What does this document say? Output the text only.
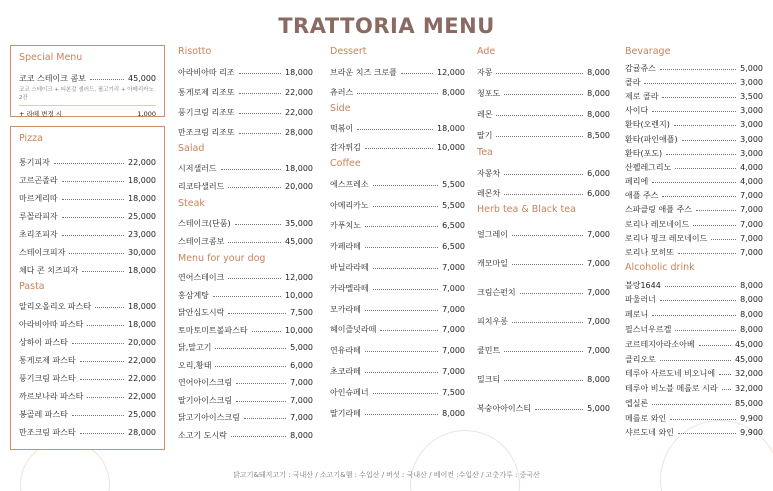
TRATTORIA MENU
Special Menu
코코 스테이크 콤보	45,000
코코 스테이크 + 티본갈 샐러드, 필고기리 + 아메리카노 2잔
+ 라떼 변경 시	1,000
Pizza
통기피자	22,000
고르곤졸라	18,000
마르게리따	18,000
루꼴라피자	25,000
초리조피자	23,000
스테이크피자	30,000
체다 콘 치즈피자	18,000
Pasta
알리오올리오 파스타	18,000
아라비아따 파스타	18,000
상하이 파스타	20,000
통게로제 파스타	22,000
풍기크림 파스타	22,000
까르보나라 파스타	22,000
봉골레 파스타	25,000
만조크림 파스타	28,000
Risotto
아라비아따 리조	18,000
통게로제 리조또	22,000
풍기크림 리조또	22,000
만조크림 리조또	28,000
Salad
시저샐러드	18,000
리코타샐러드	20,000
Steak
스테이크(단품)	35,000
스테이크콤보	45,000
Menu for your dog
연어스테이크	12,000
홍삼계탕	10,000
닭안심도시락	7,500
토마토미트볼파스타	10,000
닭,말고기	5,000
오리,황태	6,000
연어아이스크림	7,000
딸기아이스크림	7,000
닭고기아이스크림	7,000
소고기 도시락	8,000
Dessert
브라운 치즈 크로플	12,000
츄러스	8,000
Side
떡볶이	18,000
감자튀김	10,000
Coffee
에스프레소	5,500
아메리카노	5,500
카푸치노	6,500
카페라떼	6,500
바닐라라떼	7,000
카라멜라떼	7,000
모카라떼	7,000
헤이즐넛라떼	7,000
연유라떼	7,000
초코라떼	7,000
아인슈페너	7,500
딸기라떼	8,000
Ade
자몽	8,000
청포도	8,000
레몬	8,000
딸기	8,500
Tea
자몽차	6,000
레몬차	6,000
Herb tea & Black tea
얼그레이	7,000
캐모마일	7,000
크림슨펀치	7,000
피치우롱	7,000
쿨민트	7,000
밀크티	8,000
복숭아아이스티	5,000
Bevarage
감귤쥬스	5,000
콜라	3,000
제로 콜라	3,500
사이다	3,000
환타(오렌지)	3,000
환타(파인애플)	3,000
환타(포도)	3,000
산펠레그리노	4,000
페리에	4,000
애플 주스	7,000
스파클링 애플 주스	7,000
로리나 레모네이드	7,000
로리나 핑크 레모네이드	7,000
로리나 모히또	7,000
Alcoholic drink
블랑1644	8,000
파울러너	8,000
페로니	8,000
필스너우르겔	8,000
코르테지아라소아베	45,000
클리오로	45,000
테루아 사르도네 비오니에 32,000
테루아 비노블 메를로 시라 32,000
엡실론	85,000
메를로 와인	9,900
샤르도네 와인	9,900
닭고기&돼지고기 : 국내산 / 소고기&햄 : 수입산 / 버섯 : 국내산 / 베이컨 :수입산 / 고춧가루 : 중국산
